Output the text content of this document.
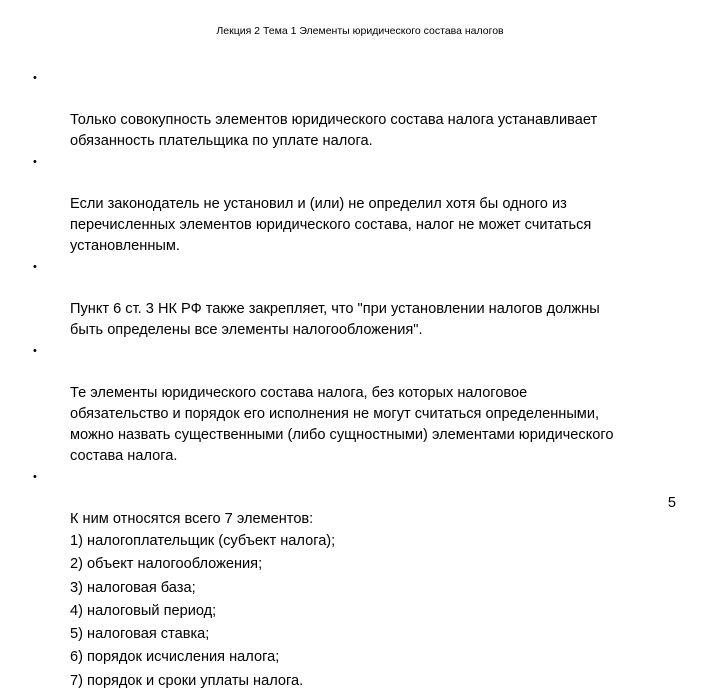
Лекция 2 Тема 1 Элементы юридического состава налогов

•

Только совокупность элементов юридического состава налога устанавливает
обязанность плательщика по уплате налога.

•

Если законодатель не установил и (или) не определил хотя бы одного из
перечисленных элементов юридического состава, налог не может считаться
установленным.

•

Пункт 6 ст. 3 НК РФ также закрепляет, что "при установлении налогов должны
быть определены все элементы налогообложения".

•

Те элементы юридического состава налога, без которых налоговое
обязательство и порядок его исполнения не могут считаться определенными,
можно назвать существенными (либо сущностными) элементами юридического
состава налога.

•

К ним относятся всего 7 элементов:

1) налогоплательщик (субъект налога);
2) объект налогообложения;
3) налоговая база;
4) налоговый период;
5) налоговая ставка;
6) порядок исчисления налога;
7) порядок и сроки уплаты налога.
5
